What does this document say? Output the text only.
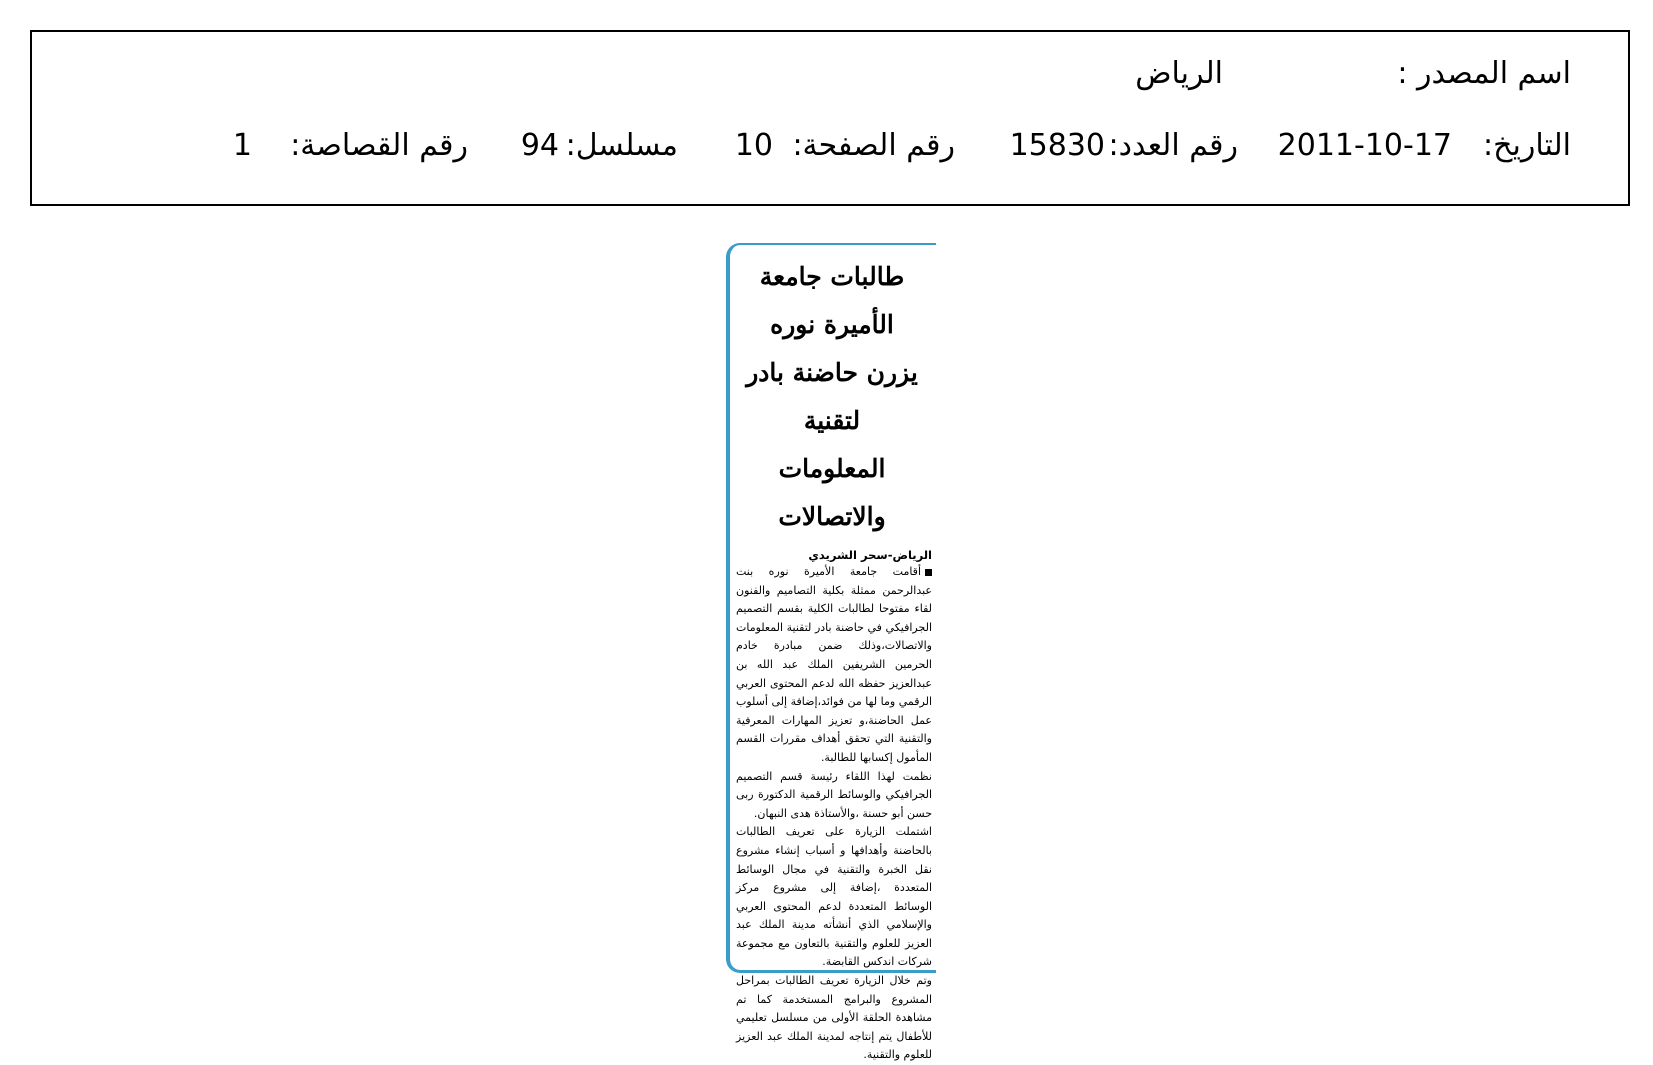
اسم المصدر :
الرياض
التاريخ:
2011-10-17
رقم العدد:
15830
رقم الصفحة:
10
مسلسل:
94
رقم القصاصة:
1
طالبات جامعة الأميرة نوره
يزرن حاضنة بادر لتقنية
المعلومات والاتصالات
الرياض-سحر الشريدي

أقامت جامعة الأميرة نوره بنت عبدالرحمن ممثلة بكلية التصاميم والفنون لقاء مفتوحا لطالبات الكلية بقسم التصميم الجرافيكي في حاضنة بادر لتقنية المعلومات والاتصالات،وذلك ضمن مبادرة خادم الحرمين الشريفين الملك عبد الله بن عبدالعزيز حفظه الله لدعم المحتوى العربي الرقمي وما لها من فوائد،إضافة إلى أسلوب عمل الحاضنة،و تعزيز المهارات المعرفية والتقنية التي تحقق أهداف مقررات القسم المأمول إكسابها للطالبة.

نظمت لهذا اللقاء رئيسة قسم التصميم الجرافيكي والوسائط الرقمية الدكتورة ربى حسن أبو حسنة ،والأستاذة هدى النبهان.

اشتملت الزيارة على تعريف الطالبات بالحاضنة وأهدافها و أسباب إنشاء مشروع نقل الخبرة والتقنية في مجال الوسائط المتعددة ،إضافة إلى مشروع مركز الوسائط المتعددة لدعم المحتوى العربي والإسلامي الذي أنشأته مدينة الملك عبد العزيز للعلوم والتقنية بالتعاون مع مجموعة شركات اندكس القابضة.

وتم خلال الزيارة تعريف الطالبات بمراحل المشروع والبرامج المستخدمة كما تم مشاهدة الحلقة الأولى من مسلسل تعليمي للأطفال يتم إنتاجه لمدينة الملك عبد العزيز للعلوم والتقنية.
